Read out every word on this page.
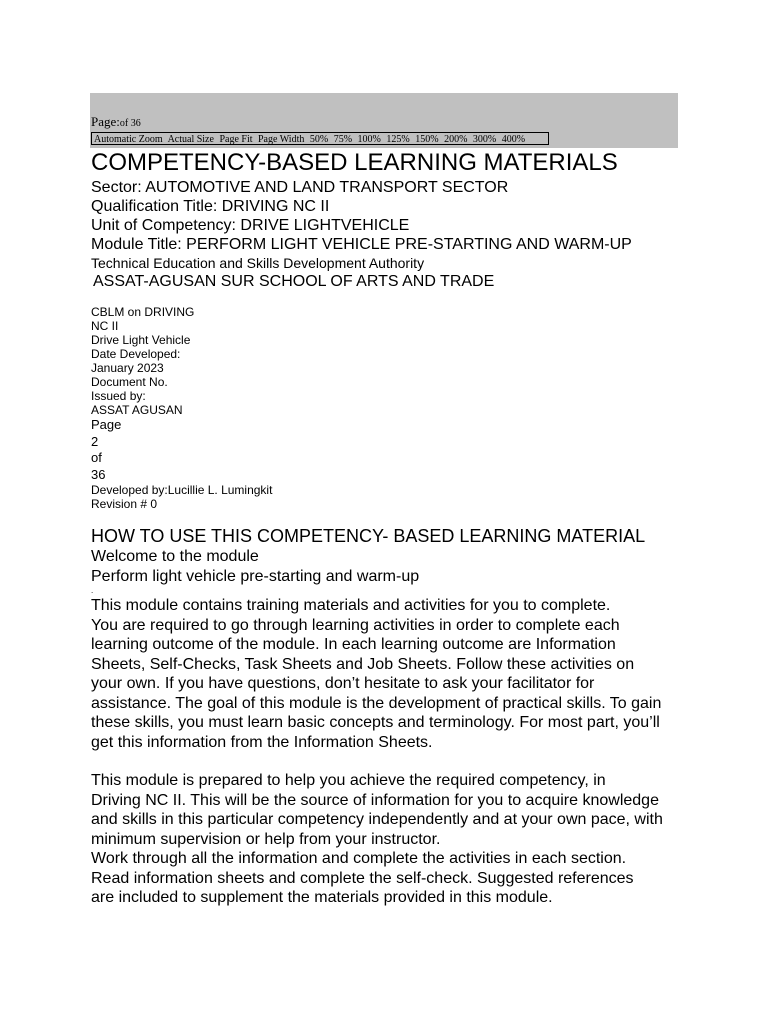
Page:of 36
Automatic Zoom Actual Size Page Fit Page Width 50% 75% 100% 125% 150% 200% 300% 400%
COMPETENCY-BASED LEARNING MATERIALS
Sector: AUTOMOTIVE AND LAND TRANSPORT SECTOR
Qualification Title: DRIVING NC II
Unit of Competency: DRIVE LIGHTVEHICLE
Module Title: PERFORM LIGHT VEHICLE PRE-STARTING AND WARM-UP
Technical Education and Skills Development Authority
ASSAT-AGUSAN SUR SCHOOL OF ARTS AND TRADE
CBLM on DRIVING
NC II
Drive Light Vehicle
Date Developed:
January 2023
Document No.
Issued by:
ASSAT AGUSAN
Page
2
of
36
Developed by:Lucillie L. Lumingkit
Revision # 0
HOW TO USE THIS COMPETENCY- BASED LEARNING MATERIAL
Welcome to the module
Perform light vehicle pre-starting and warm-up
.
This module contains training materials and activities for you to complete.
You are required to go through learning activities in order to complete each
learning outcome of the module. In each learning outcome are Information
Sheets, Self-Checks, Task Sheets and Job Sheets. Follow these activities on
your own. If you have questions, don’t hesitate to ask your facilitator for
assistance. The goal of this module is the development of practical skills. To gain
these skills, you must learn basic concepts and terminology. For most part, you’ll
get this information from the Information Sheets.
This module is prepared to help you achieve the required competency, in
Driving NC II. This will be the source of information for you to acquire knowledge
and skills in this particular competency independently and at your own pace, with
minimum supervision or help from your instructor.
Work through all the information and complete the activities in each section.
Read information sheets and complete the self-check. Suggested references
are included to supplement the materials provided in this module.
